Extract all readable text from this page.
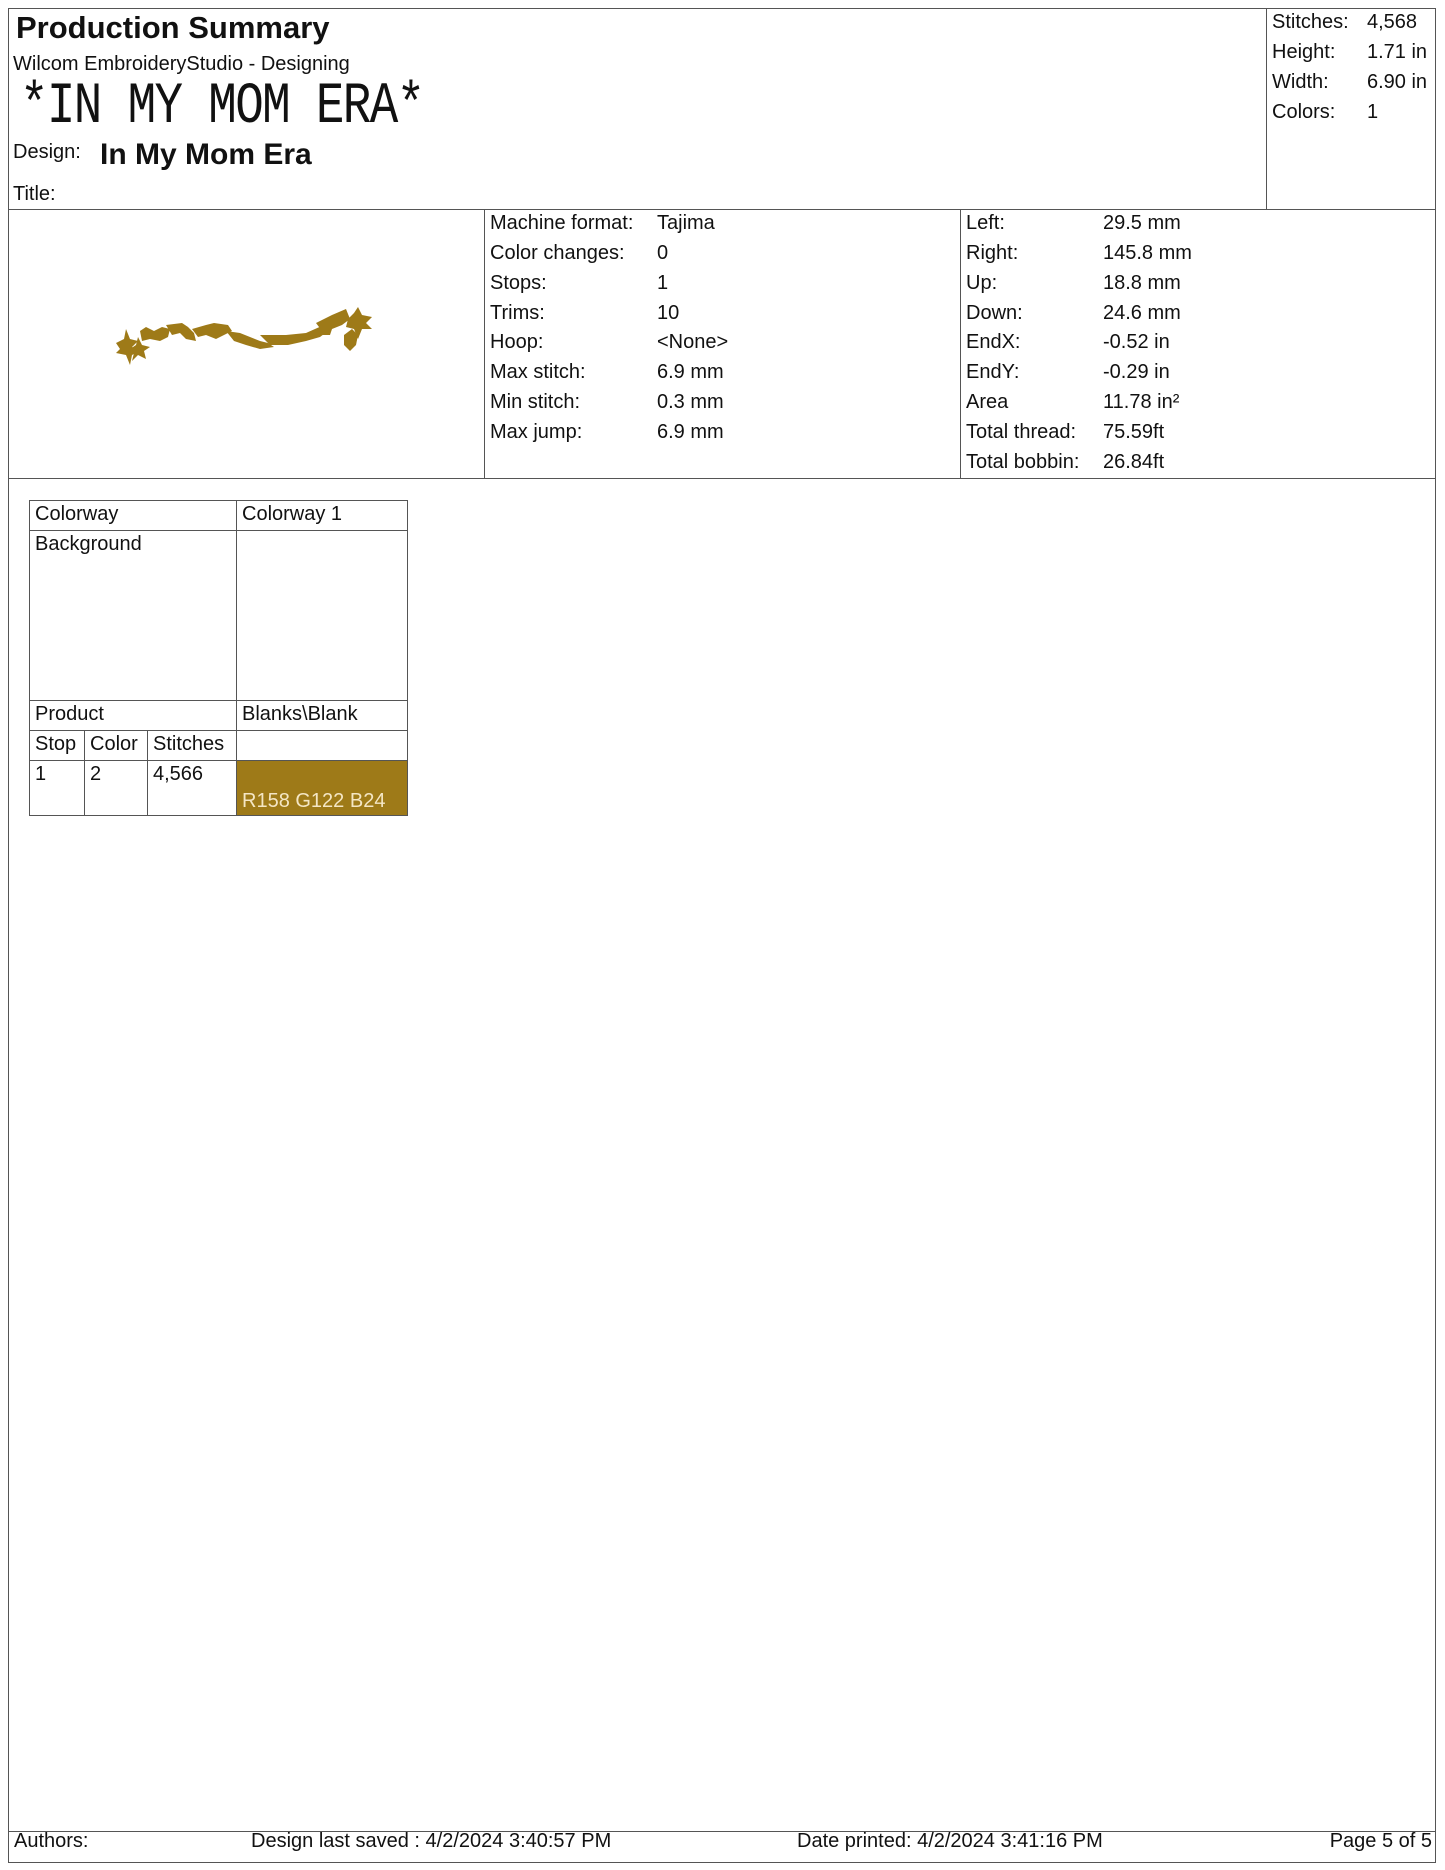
Production Summary
Wilcom EmbroideryStudio - Designing
*IN MY MOM ERA*
Design: In My Mom Era
Title:
Stitches: 4,568
Height: 1.71 in
Width: 6.90 in
Colors: 1
Machine format: Tajima
Color changes: 0
Stops:	1
Trims:	10
Hoop:	<None>
Max stitch:	6.9 mm
Min stitch:	0.3 mm
Max jump:	6.9 mm
Left:	29.5 mm
Right:	145.8 mm
Up:	18.8 mm
Down:	24.6 mm
EndX:	-0.52 in
EndY:	-0.29 in
Area	11.78 in²
Total thread: 75.59ft
Total bobbin: 26.84ft
Colorway			Colorway 1
Background			
Product			Blanks\Blank
Stop	Color	Stitches	
1	2	4,566	R158 G122 B24
Authors:	Design last saved : 4/2/2024 3:40:57 PM	Date printed: 4/2/2024 3:41:16 PM	Page 5 of 5
